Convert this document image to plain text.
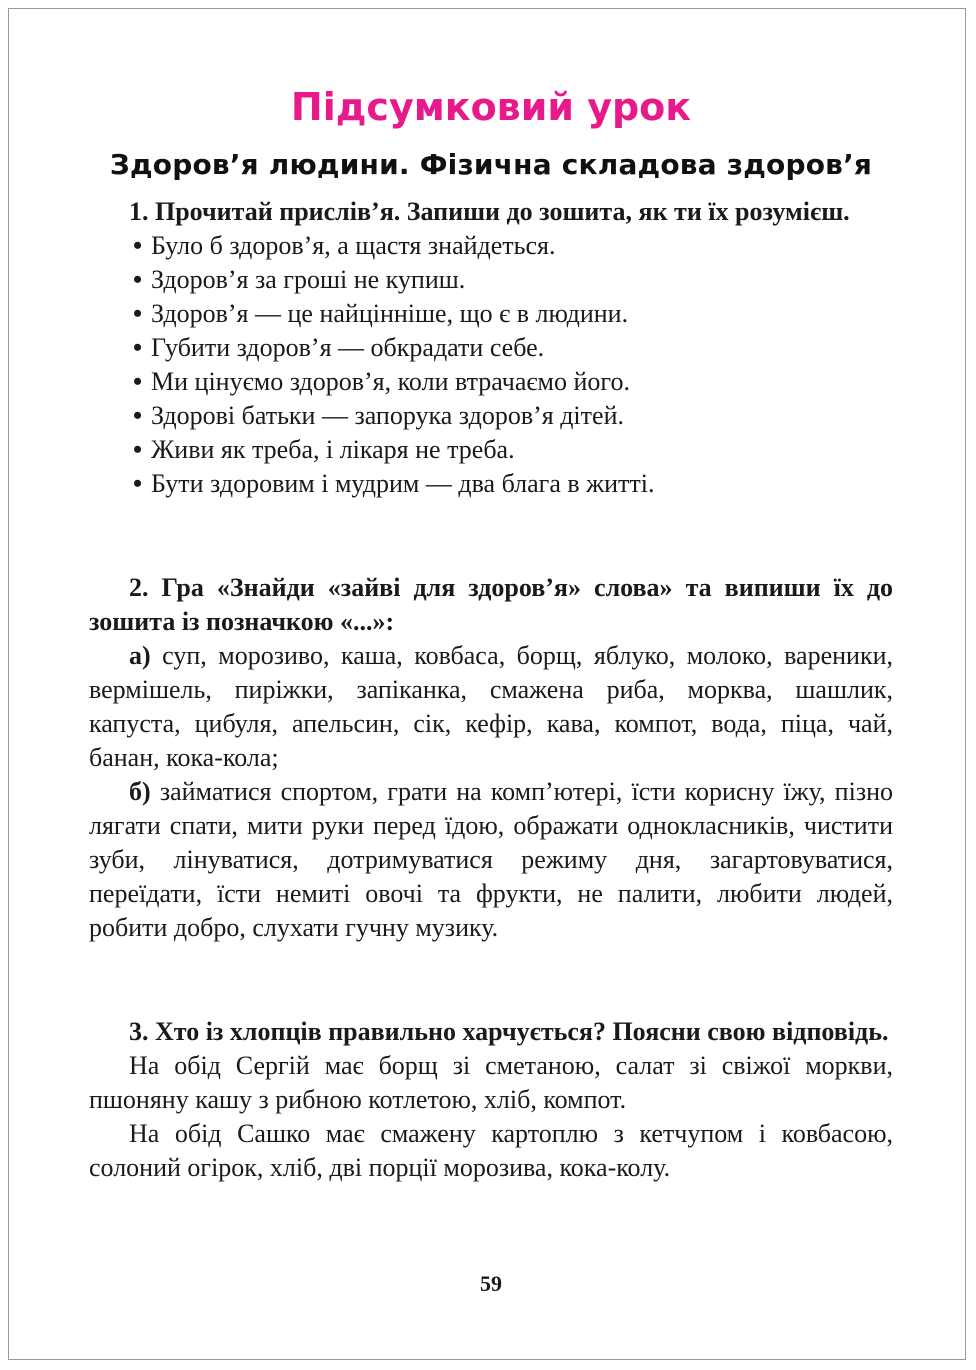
Підсумковий урок
Здоров’я людини. Фізична складова здоров’я

1. Прочитай прислів’я. Запиши до зошита, як ти їх розумієш.

• Було б здоров’я, а щастя знайдеться.
• Здоров’я за гроші не купиш.
• Здоров’я — це найцінніше, що є в людини.
• Губити здоров’я — обкрадати себе.
• Ми цінуємо здоров’я, коли втрачаємо його.
• Здорові батьки — запорука здоров’я дітей.
• Живи як треба, і лікаря не треба.
• Бути здоровим і мудрим — два блага в житті.

2. Гра «Знайди «зайві для здоров’я» слова» та випиши їх до зошита із позначкою «...»:

а) суп, морозиво, каша, ковбаса, борщ, яблуко, молоко, вареники, вермішель, пиріжки, запіканка, смажена риба, морква, шашлик, капуста, цибуля, апельсин, сік, кефір, кава, компот, вода, піца, чай, банан, кока-кола;

б) займатися спортом, грати на комп’ютері, їсти корисну їжу, пізно лягати спати, мити руки перед їдою, ображати однокласників, чистити зуби, лінуватися, дотримуватися режиму дня, загартовуватися, переїдати, їсти немиті овочі та фрукти, не палити, любити людей, робити добро, слухати гучну музику.

3. Хто із хлопців правильно харчується? Поясни свою відповідь.

На обід Сергій має борщ зі сметаною, салат зі свіжої моркви, пшоняну кашу з рибною котлетою, хліб, компот.

На обід Сашко має смажену картоплю з кетчупом і ковбасою, солоний огірок, хліб, дві порції морозива, кока-колу.

59
